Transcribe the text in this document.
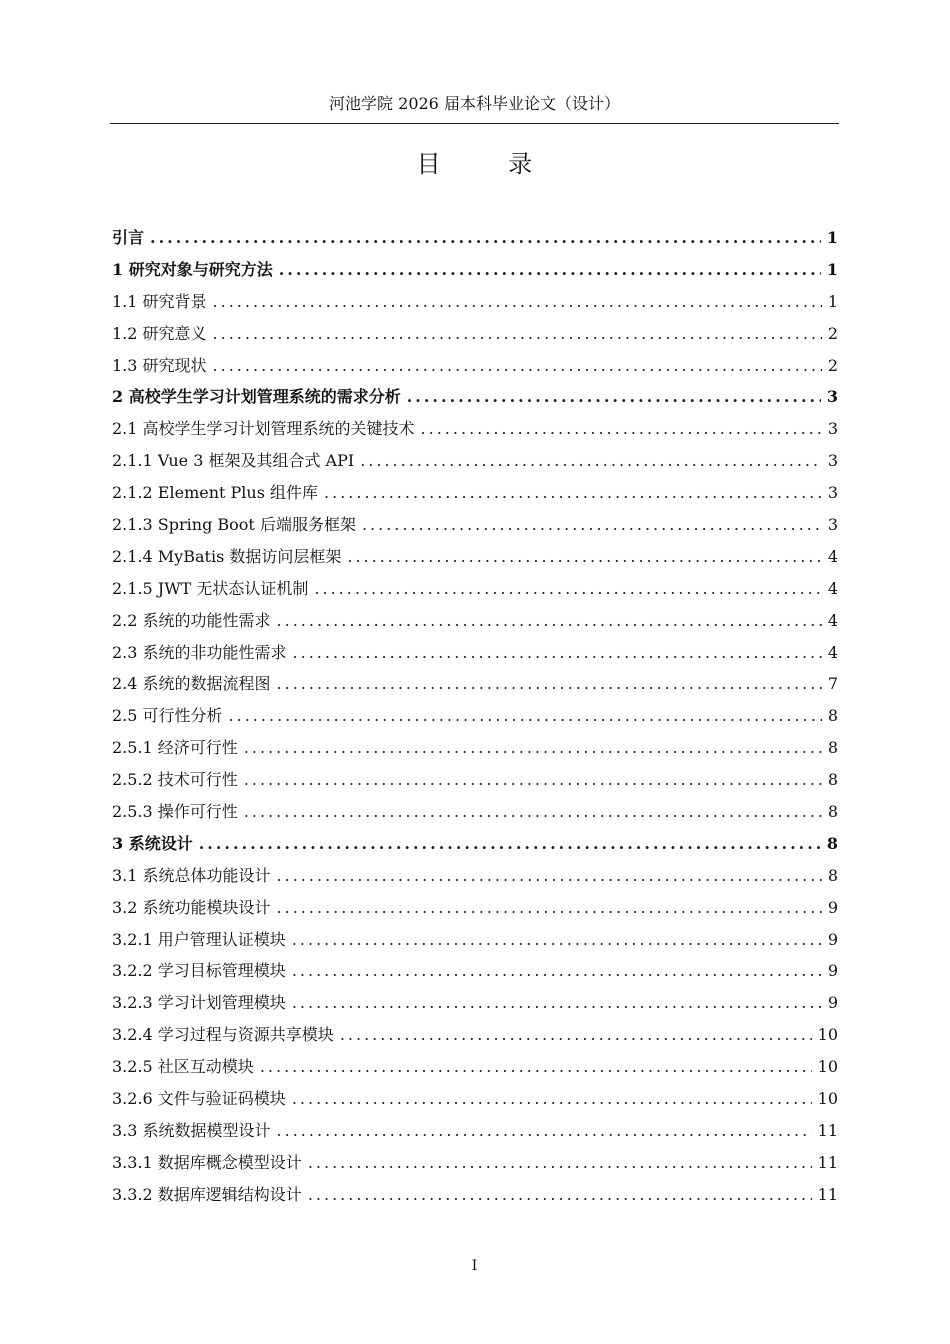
河池学院 2026 届本科毕业论文（设计）
目 录
引言 .....	1
1 研究对象与研究方法 .....	1
1.1 研究背景 .....	1
1.2 研究意义 .....	2
1.3 研究现状 .....	2
2 高校学生学习计划管理系统的需求分析 .....	3
2.1 高校学生学习计划管理系统的关键技术 .....	3
2.1.1 Vue 3 框架及其组合式 API .....	3
2.1.2 Element Plus 组件库 .....	3
2.1.3 Spring Boot 后端服务框架 .....	3
2.1.4 MyBatis 数据访问层框架 .....	4
2.1.5 JWT 无状态认证机制 .....	4
2.2 系统的功能性需求 .....	4
2.3 系统的非功能性需求 .....	4
2.4 系统的数据流程图 .....	7
2.5 可行性分析 .....	8
2.5.1 经济可行性 .....	8
2.5.2 技术可行性 .....	8
2.5.3 操作可行性 .....	8
3 系统设计 .....	8
3.1 系统总体功能设计 .....	8
3.2 系统功能模块设计 .....	9
3.2.1 用户管理认证模块 .....	9
3.2.2 学习目标管理模块 .....	9
3.2.3 学习计划管理模块 .....	9
3.2.4 学习过程与资源共享模块 .....	10
3.2.5 社区互动模块 .....	10
3.2.6 文件与验证码模块 .....	10
3.3 系统数据模型设计 .....	11
3.3.1 数据库概念模型设计 .....	11
3.3.2 数据库逻辑结构设计 .....	11
I
